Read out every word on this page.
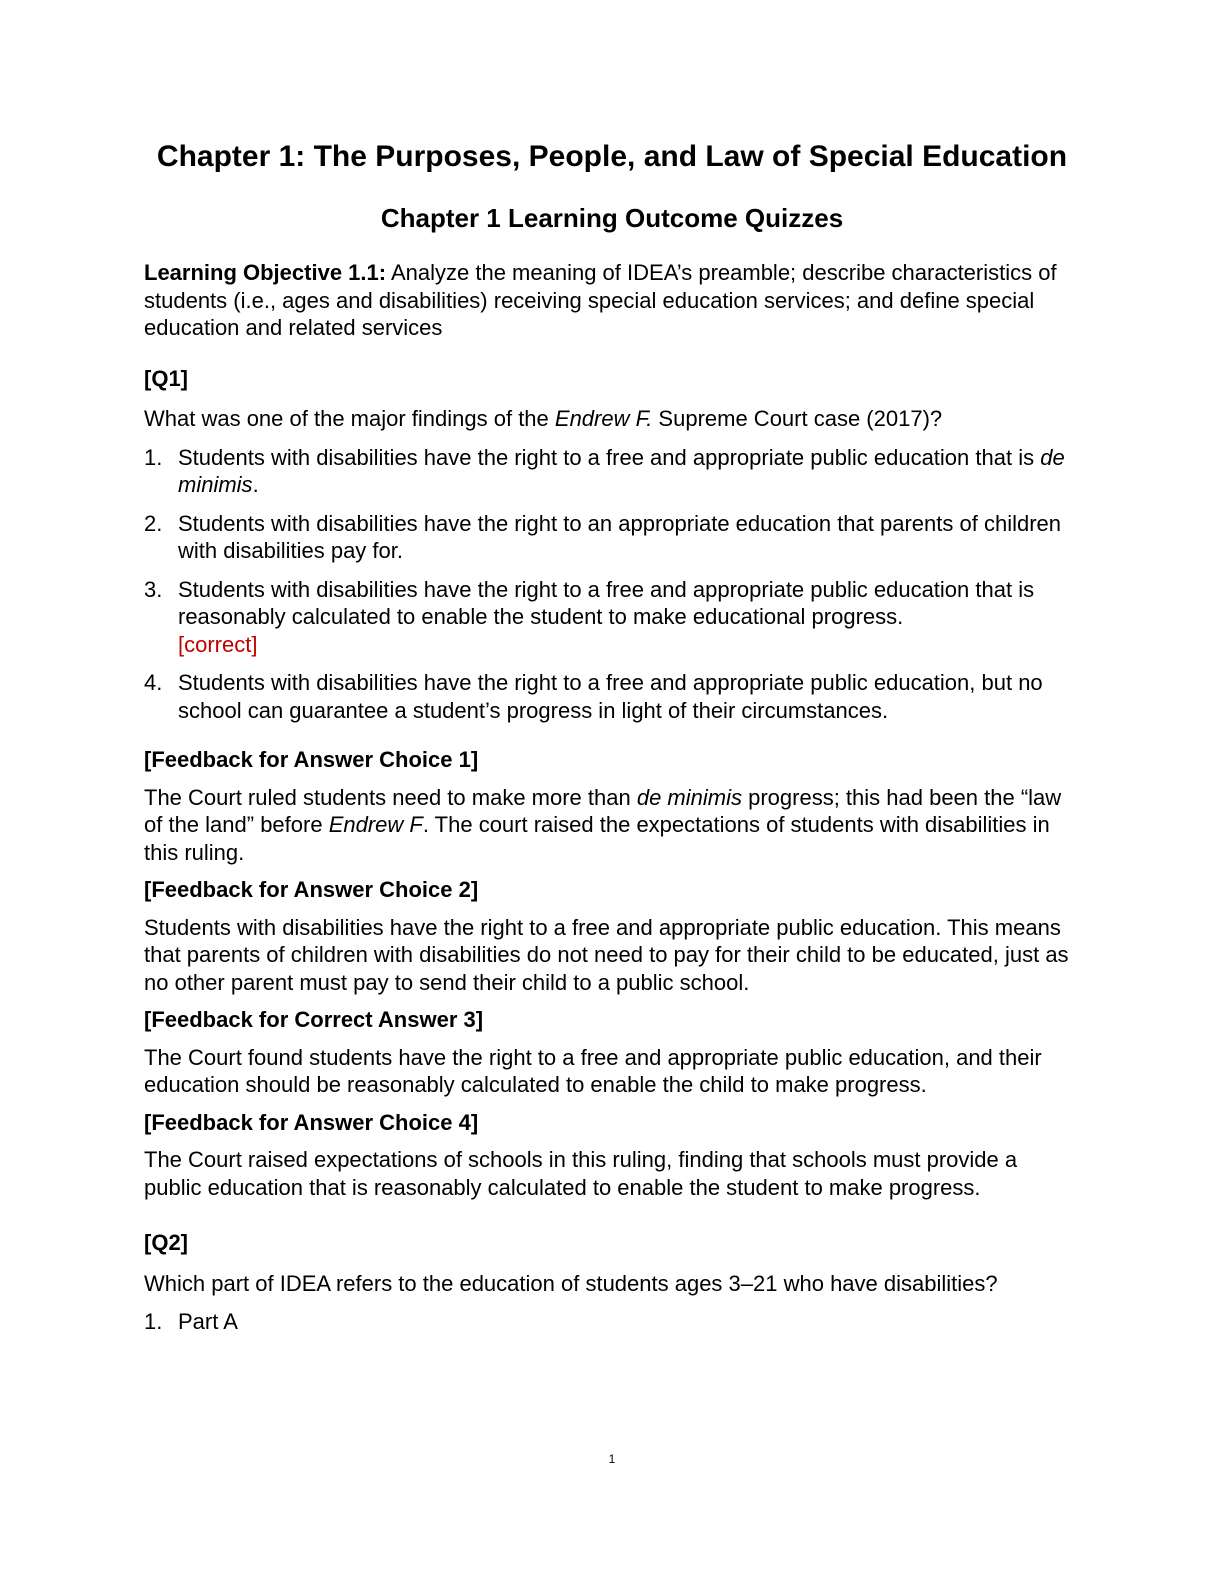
Chapter 1: The Purposes, People, and Law of Special Education
Chapter 1 Learning Outcome Quizzes

Learning Objective 1.1: Analyze the meaning of IDEA’s preamble; describe characteristics of students (i.e., ages and disabilities) receiving special education services; and define special education and related services

[Q1]

What was one of the major findings of the Endrew F. Supreme Court case (2017)?

1. Students with disabilities have the right to a free and appropriate public education that is de minimis.
2. Students with disabilities have the right to an appropriate education that parents of children with disabilities pay for.
3. Students with disabilities have the right to a free and appropriate public education that is reasonably calculated to enable the student to make educational progress.
[correct]
4. Students with disabilities have the right to a free and appropriate public education, but no school can guarantee a student’s progress in light of their circumstances.

[Feedback for Answer Choice 1]

The Court ruled students need to make more than de minimis progress; this had been the “law of the land” before Endrew F. The court raised the expectations of students with disabilities in this ruling.

[Feedback for Answer Choice 2]

Students with disabilities have the right to a free and appropriate public education. This means that parents of children with disabilities do not need to pay for their child to be educated, just as no other parent must pay to send their child to a public school.

[Feedback for Correct Answer 3]

The Court found students have the right to a free and appropriate public education, and their education should be reasonably calculated to enable the child to make progress.

[Feedback for Answer Choice 4]

The Court raised expectations of schools in this ruling, finding that schools must provide a public education that is reasonably calculated to enable the student to make progress.

[Q2]

Which part of IDEA refers to the education of students ages 3–21 who have disabilities?

1. Part A
1
